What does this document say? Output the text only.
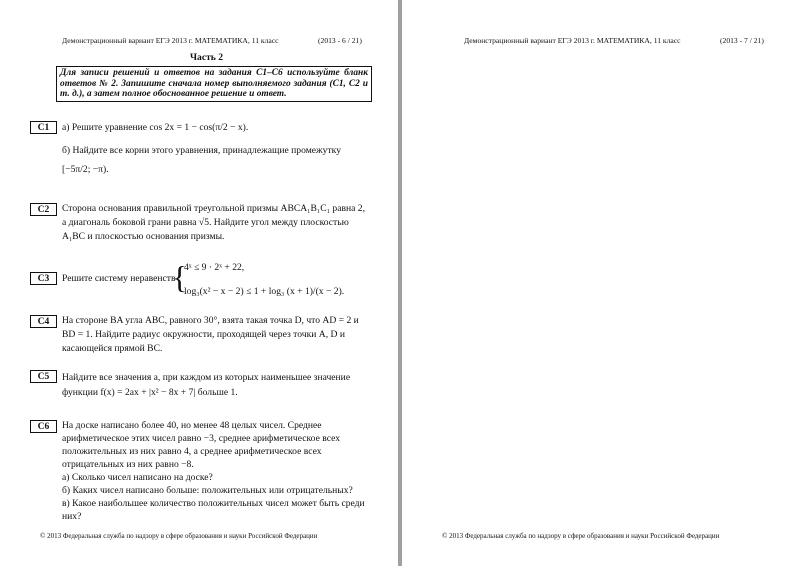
Демонстрационный вариант ЕГЭ 2013 г. МАТЕМАТИКА, 11 класс	(2013 - 6 / 21)
Часть 2
Для записи решений и ответов на задания С1–С6 используйте бланк ответов № 2. Запишите сначала номер выполняемого задания (С1, С2 и т. д.), а затем полное обоснованное решение и ответ.
C1	а) Решите уравнение cos 2x = 1 − cos(π/2 − x).
б) Найдите все корни этого уравнения, принадлежащие промежутку
[−5π/2; −π).
C2	Сторона основания правильной треугольной призмы ABCA₁B₁C₁ равна 2,
а диагональ боковой грани равна √5. Найдите угол между плоскостью
A₁BC и плоскостью основания призмы.
C3	Решите систему неравенств
{
4ˣ ≤ 9 · 2ˣ + 22,
log₃(x² − x − 2) ≤ 1 + log₃ (x + 1)/(x − 2).
C4	На стороне BA угла ABC, равного 30°, взята такая точка D, что AD = 2 и
BD = 1. Найдите радиус окружности, проходящей через точки A, D и
касающейся прямой BC.
C5	Найдите все значения a, при каждом из которых наименьшее значение
функции f(x) = 2ax + |x² − 8x + 7| больше 1.
C6	На доске написано более 40, но менее 48 целых чисел. Среднее
арифметическое этих чисел равно −3, среднее арифметическое всех
положительных из них равно 4, а среднее арифметическое всех
отрицательных из них равно −8.
а) Сколько чисел написано на доске?
б) Каких чисел написано больше: положительных или отрицательных?
в) Какое наибольшее количество положительных чисел может быть среди
них?
© 2013 Федеральная служба по надзору в сфере образования и науки Российской Федерации
Демонстрационный вариант ЕГЭ 2013 г. МАТЕМАТИКА, 11 класс	(2013 - 7 / 21)
© 2013 Федеральная служба по надзору в сфере образования и науки Российской Федерации
